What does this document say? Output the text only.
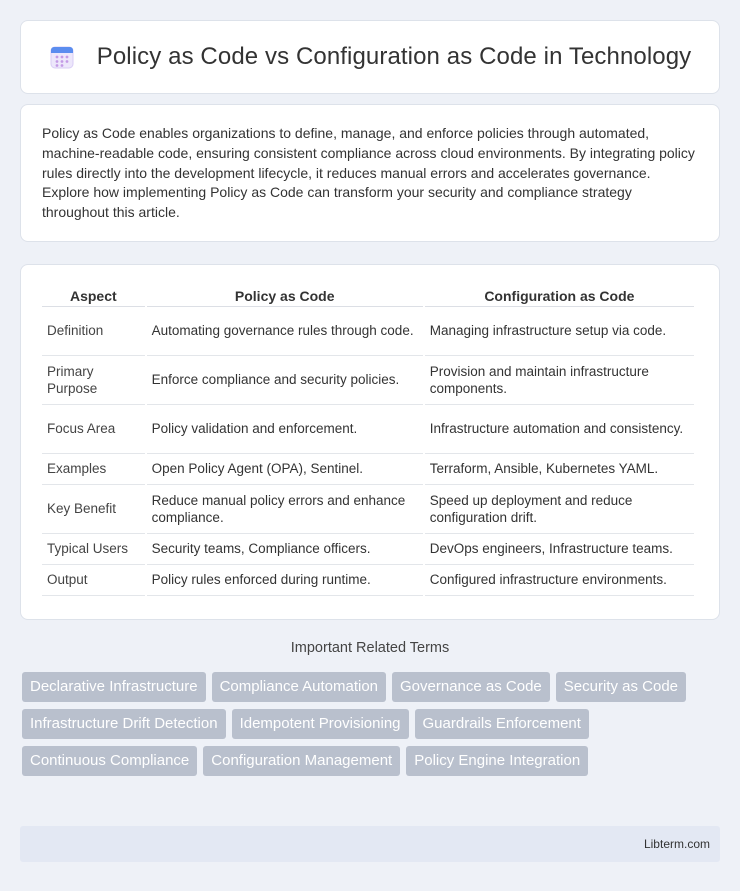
Policy as Code vs Configuration as Code in Technology

Policy as Code enables organizations to define, manage, and enforce policies through automated, machine-readable code, ensuring consistent compliance across cloud environments. By integrating policy rules directly into the development lifecycle, it reduces manual errors and accelerates governance. Explore how implementing Policy as Code can transform your security and compliance strategy throughout this article.

Aspect	Policy as Code	Configuration as Code
Definition	Automating governance rules through code.	Managing infrastructure setup via code.
Primary Purpose	Enforce compliance and security policies.	Provision and maintain infrastructure components.
Focus Area	Policy validation and enforcement.	Infrastructure automation and consistency.
Examples	Open Policy Agent (OPA), Sentinel.	Terraform, Ansible, Kubernetes YAML.
Key Benefit	Reduce manual policy errors and enhance compliance.	Speed up deployment and reduce configuration drift.
Typical Users	Security teams, Compliance officers.	DevOps engineers, Infrastructure teams.
Output	Policy rules enforced during runtime.	Configured infrastructure environments.
Important Related Terms
Declarative Infrastructure	Compliance Automation	Governance as Code	Security as Code
Infrastructure Drift Detection	Idempotent Provisioning	Guardrails Enforcement
Continuous Compliance	Configuration Management	Policy Engine Integration
Libterm.com
